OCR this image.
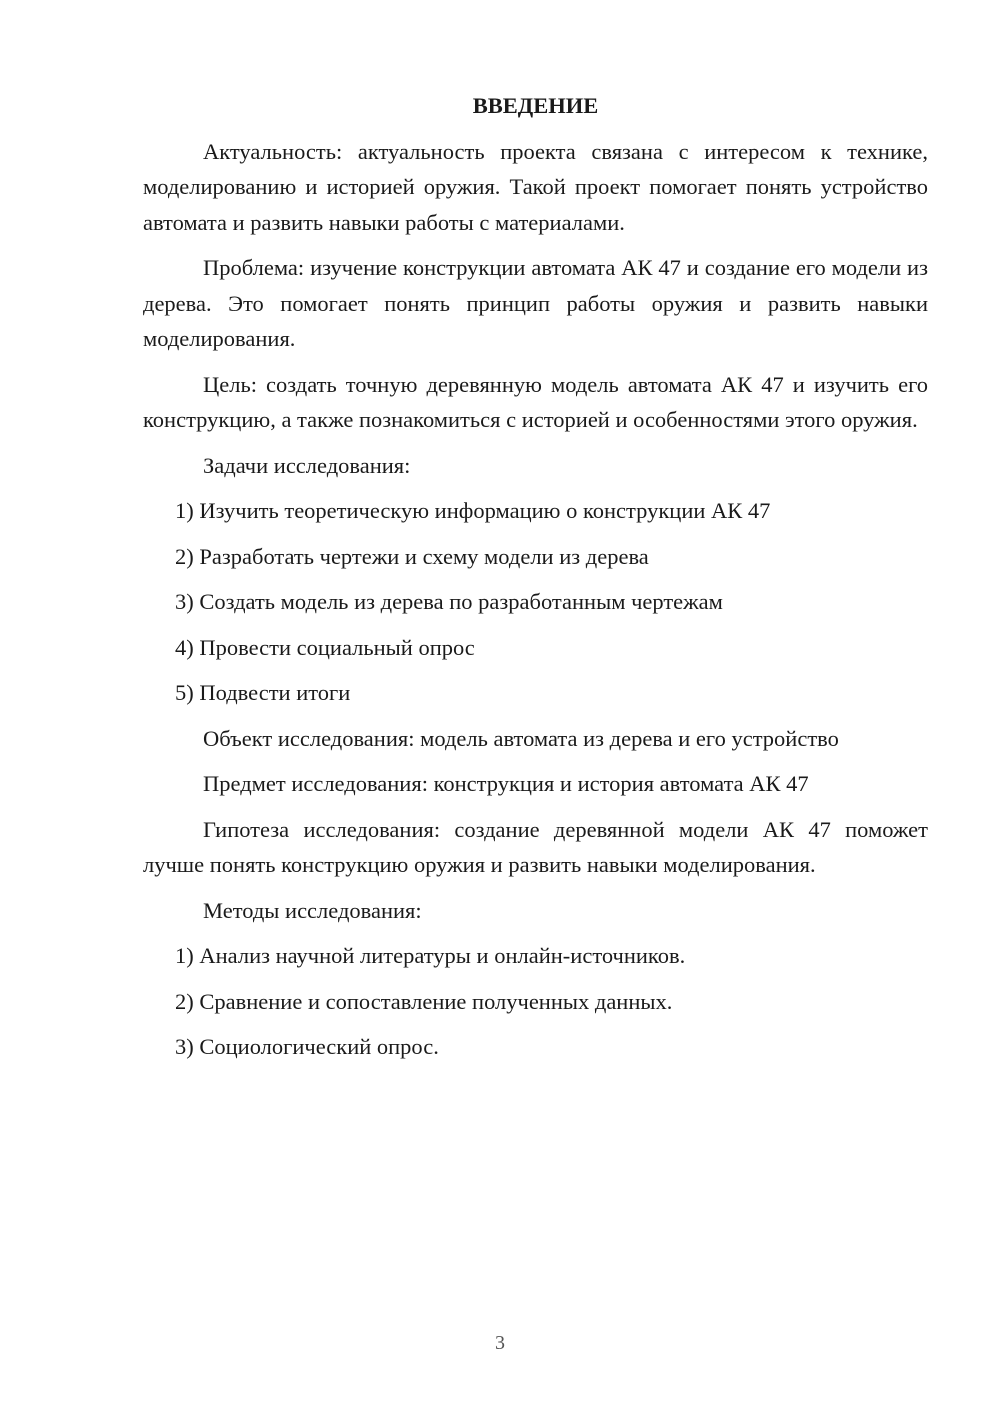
ВВЕДЕНИЕ

Актуальность: актуальность проекта связана с интересом к технике, моделированию и историей оружия. Такой проект помогает понять устройство автомата и развить навыки работы с материалами.

Проблема: изучение конструкции автомата АК 47 и создание его модели из дерева. Это помогает понять принцип работы оружия и развить навыки моделирования.

Цель: создать точную деревянную модель автомата АК 47 и изучить его конструкцию, а также познакомиться с историей и особенностями этого оружия.

Задачи исследования:
1) Изучить теоретическую информацию о конструкции АК 47
2) Разработать чертежи и схему модели из дерева
3) Создать модель из дерева по разработанным чертежам
4) Провести социальный опрос
5) Подвести итоги
Объект исследования: модель автомата из дерева и его устройство
Предмет исследования: конструкция и история автомата АК 47

Гипотеза исследования: создание деревянной модели АК 47 поможет лучше понять конструкцию оружия и развить навыки моделирования.

Методы исследования:
1) Анализ научной литературы и онлайн-источников.
2) Сравнение и сопоставление полученных данных.
3) Социологический опрос.
3
